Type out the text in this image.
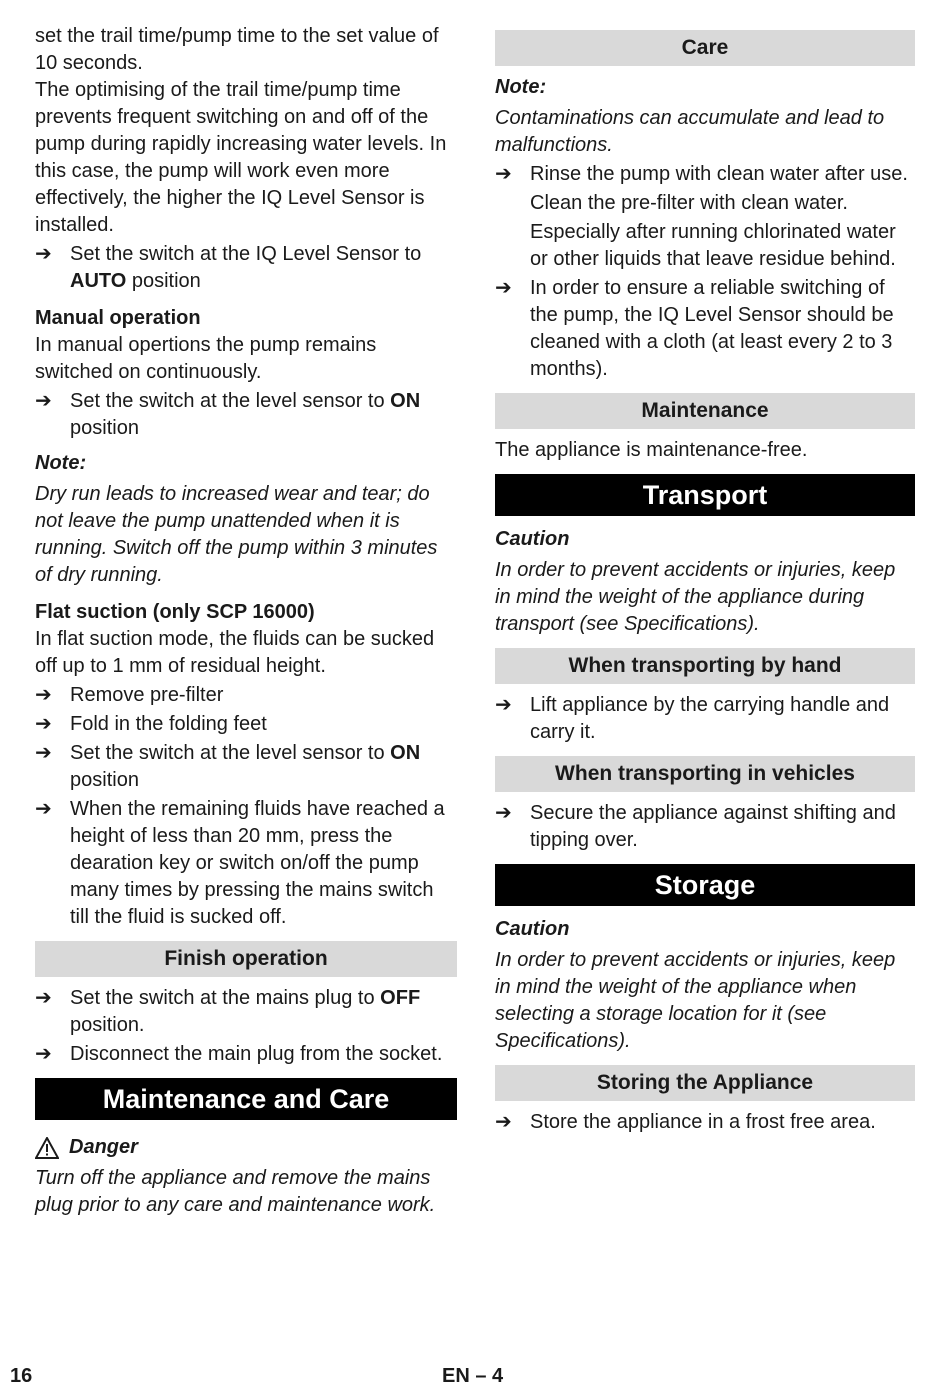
set the trail time/pump time to the set value of 10 seconds.

The optimising of the trail time/pump time prevents frequent switching on and off of the pump during rapidly increasing water levels. In this case, the pump will work even more effectively, the higher the IQ Level Sensor is installed.

➔ Set the switch at the IQ Level Sensor to AUTO position

Manual operation

In manual opertions the pump remains switched on continuously.

➔ Set the switch at the level sensor to ON position

Note:

Dry run leads to increased wear and tear; do not leave the pump unattended when it is running. Switch off the pump within 3 minutes of dry running.

Flat suction (only SCP 16000)

In flat suction mode, the fluids can be sucked off up to 1 mm of residual height.

➔ Remove pre-filter
➔ Fold in the folding feet
➔ Set the switch at the level sensor to ON position
➔ When the remaining fluids have reached a height of less than 20 mm, press the dearation key or switch on/off the pump many times by pressing the mains switch till the fluid is sucked off.
Finish operation
➔ Set the switch at the mains plug to OFF position.
➔ Disconnect the main plug from the socket.
Maintenance and Care
Danger

Turn off the appliance and remove the mains plug prior to any care and maintenance work.

Care

Note:

Contaminations can accumulate and lead to malfunctions.

➔ Rinse the pump with clean water after use.

Clean the pre-filter with clean water.

Especially after running chlorinated water or other liquids that leave residue behind.

➔ In order to ensure a reliable switching of the pump, the IQ Level Sensor should be cleaned with a cloth (at least every 2 to 3 months).
Maintenance

The appliance is maintenance-free.

Transport

Caution

In order to prevent accidents or injuries, keep in mind the weight of the appliance during transport (see Specifications).

When transporting by hand
➔ Lift appliance by the carrying handle and carry it.
When transporting in vehicles
➔ Secure the appliance against shifting and tipping over.
Storage

Caution

In order to prevent accidents or injuries, keep in mind the weight of the appliance when selecting a storage location for it (see Specifications).

Storing the Appliance
➔ Store the appliance in a frost free area.
16	EN – 4
